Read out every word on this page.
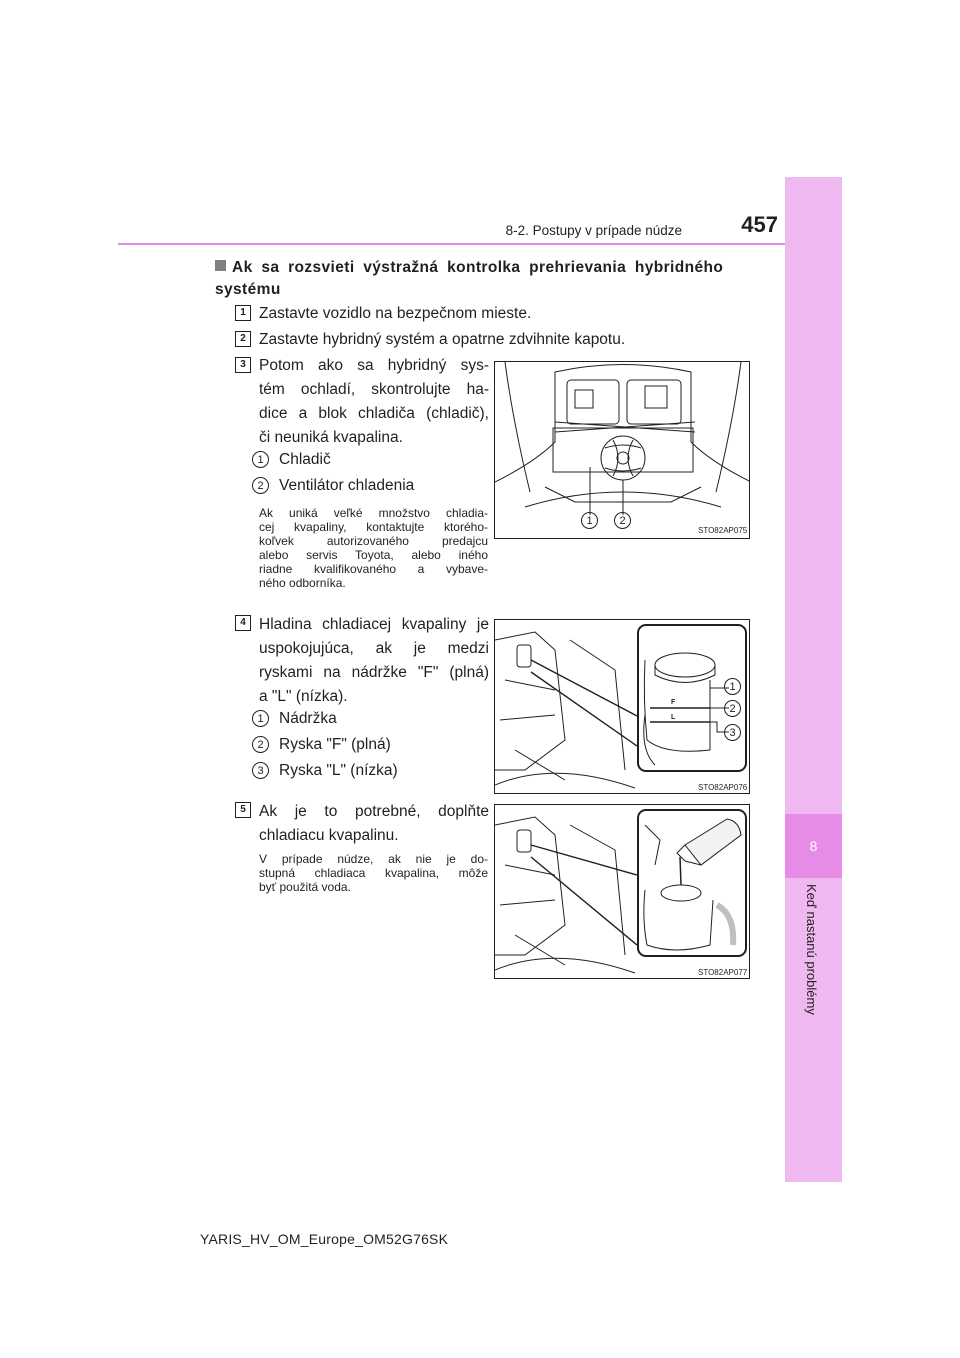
8
Keď nastanú problémy
8-2. Postupy v prípade núdze	457
Ak sa rozsvieti výstražná kontrolka prehrievania hybridného systému
1 Zastavte vozidlo na bezpečnom mieste.
2 Zastavte hybridný systém a opatrne zdvihnite kapotu.
3 Potom ako sa hybridný sys-
tém ochladí, skontrolujte ha-
dice a blok chladiča (chladič),
či neuniká kvapalina.
1 Chladič
2 Ventilátor chladenia
Ak uniká veľké množstvo chladia-
cej kvapaliny, kontaktujte ktorého-
koľvek autorizovaného predajcu
alebo servis Toyota, alebo iného
riadne kvalifikovaného a vybave-
ného odborníka.
1	2
STO82AP075
4 Hladina chladiacej kvapaliny je
uspokojujúca, ak je medzi
ryskami na nádržke "F" (plná)
a "L" (nízka).
1 Nádržka
2 Ryska "F" (plná)
3 Ryska "L" (nízka)
F
L
1
2
3
STO82AP076
5 Ak je to potrebné, doplňte
chladiacu kvapalinu.
V prípade núdze, ak nie je do-
stupná chladiaca kvapalina, môže
byť použitá voda.
STO82AP077
YARIS_HV_OM_Europe_OM52G76SK
